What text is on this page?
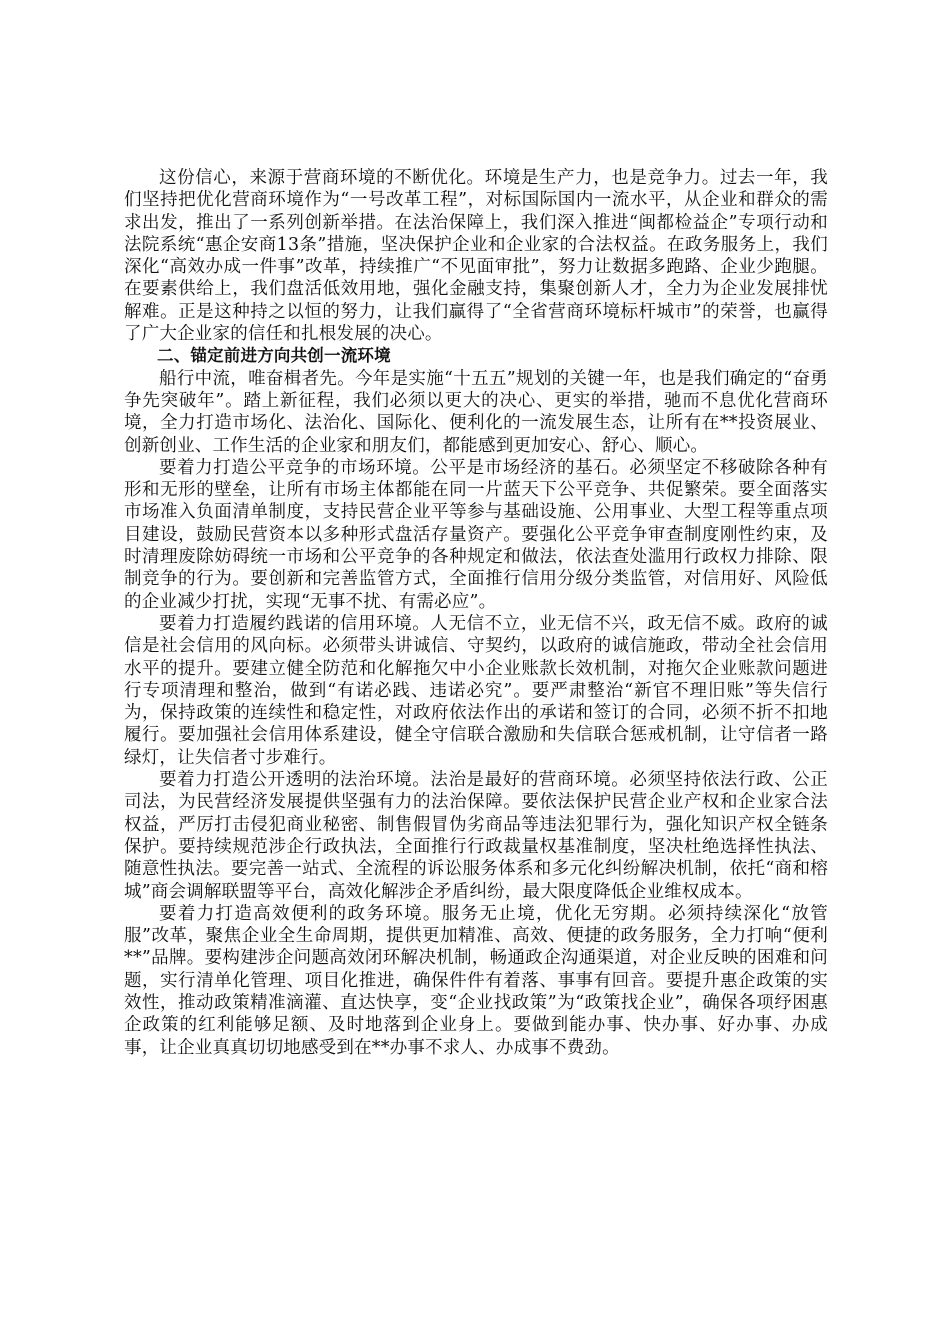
这份信心，来源于营商环境的不断优化。环境是生产力，也是竞争力。过去一年，我们坚持把优化营商环境作为“一号改革工程”，对标国际国内一流水平，从企业和群众的需求出发，推出了一系列创新举措。在法治保障上，我们深入推进“闽都检益企”专项行动和法院系统“惠企安商13条”措施，坚决保护企业和企业家的合法权益。在政务服务上，我们深化“高效办成一件事”改革，持续推广“不见面审批”，努力让数据多跑路、企业少跑腿。在要素供给上，我们盘活低效用地，强化金融支持，集聚创新人才，全力为企业发展排忧解难。正是这种持之以恒的努力，让我们赢得了“全省营商环境标杆城市”的荣誉，也赢得了广大企业家的信任和扎根发展的决心。

二、锚定前进方向共创一流环境

船行中流，唯奋楫者先。今年是实施“十五五”规划的关键一年，也是我们确定的“奋勇争先突破年”。踏上新征程，我们必须以更大的决心、更实的举措，驰而不息优化营商环境，全力打造市场化、法治化、国际化、便利化的一流发展生态，让所有在**投资展业、创新创业、工作生活的企业家和朋友们，都能感到更加安心、舒心、顺心。

要着力打造公平竞争的市场环境。公平是市场经济的基石。必须坚定不移破除各种有形和无形的壁垒，让所有市场主体都能在同一片蓝天下公平竞争、共促繁荣。要全面落实市场准入负面清单制度，支持民营企业平等参与基础设施、公用事业、大型工程等重点项目建设，鼓励民营资本以多种形式盘活存量资产。要强化公平竞争审查制度刚性约束，及时清理废除妨碍统一市场和公平竞争的各种规定和做法，依法查处滥用行政权力排除、限制竞争的行为。要创新和完善监管方式，全面推行信用分级分类监管，对信用好、风险低的企业减少打扰，实现“无事不扰、有需必应”。

要着力打造履约践诺的信用环境。人无信不立，业无信不兴，政无信不威。政府的诚信是社会信用的风向标。必须带头讲诚信、守契约，以政府的诚信施政，带动全社会信用水平的提升。要建立健全防范和化解拖欠中小企业账款长效机制，对拖欠企业账款问题进行专项清理和整治，做到“有诺必践、违诺必究”。要严肃整治“新官不理旧账”等失信行为，保持政策的连续性和稳定性，对政府依法作出的承诺和签订的合同，必须不折不扣地履行。要加强社会信用体系建设，健全守信联合激励和失信联合惩戒机制，让守信者一路绿灯，让失信者寸步难行。

要着力打造公开透明的法治环境。法治是最好的营商环境。必须坚持依法行政、公正司法，为民营经济发展提供坚强有力的法治保障。要依法保护民营企业产权和企业家合法权益，严厉打击侵犯商业秘密、制售假冒伪劣商品等违法犯罪行为，强化知识产权全链条保护。要持续规范涉企行政执法，全面推行行政裁量权基准制度，坚决杜绝选择性执法、随意性执法。要完善一站式、全流程的诉讼服务体系和多元化纠纷解决机制，依托“商和榕城”商会调解联盟等平台，高效化解涉企矛盾纠纷，最大限度降低企业维权成本。

要着力打造高效便利的政务环境。服务无止境，优化无穷期。必须持续深化“放管服”改革，聚焦企业全生命周期，提供更加精准、高效、便捷的政务服务，全力打响“便利**”品牌。要构建涉企问题高效闭环解决机制，畅通政企沟通渠道，对企业反映的困难和问题，实行清单化管理、项目化推进，确保件件有着落、事事有回音。要提升惠企政策的实效性，推动政策精准滴灌、直达快享，变“企业找政策”为“政策找企业”，确保各项纾困惠企政策的红利能够足额、及时地落到企业身上。要做到能办事、快办事、好办事、办成事，让企业真真切切地感受到在**办事不求人、办成事不费劲。
